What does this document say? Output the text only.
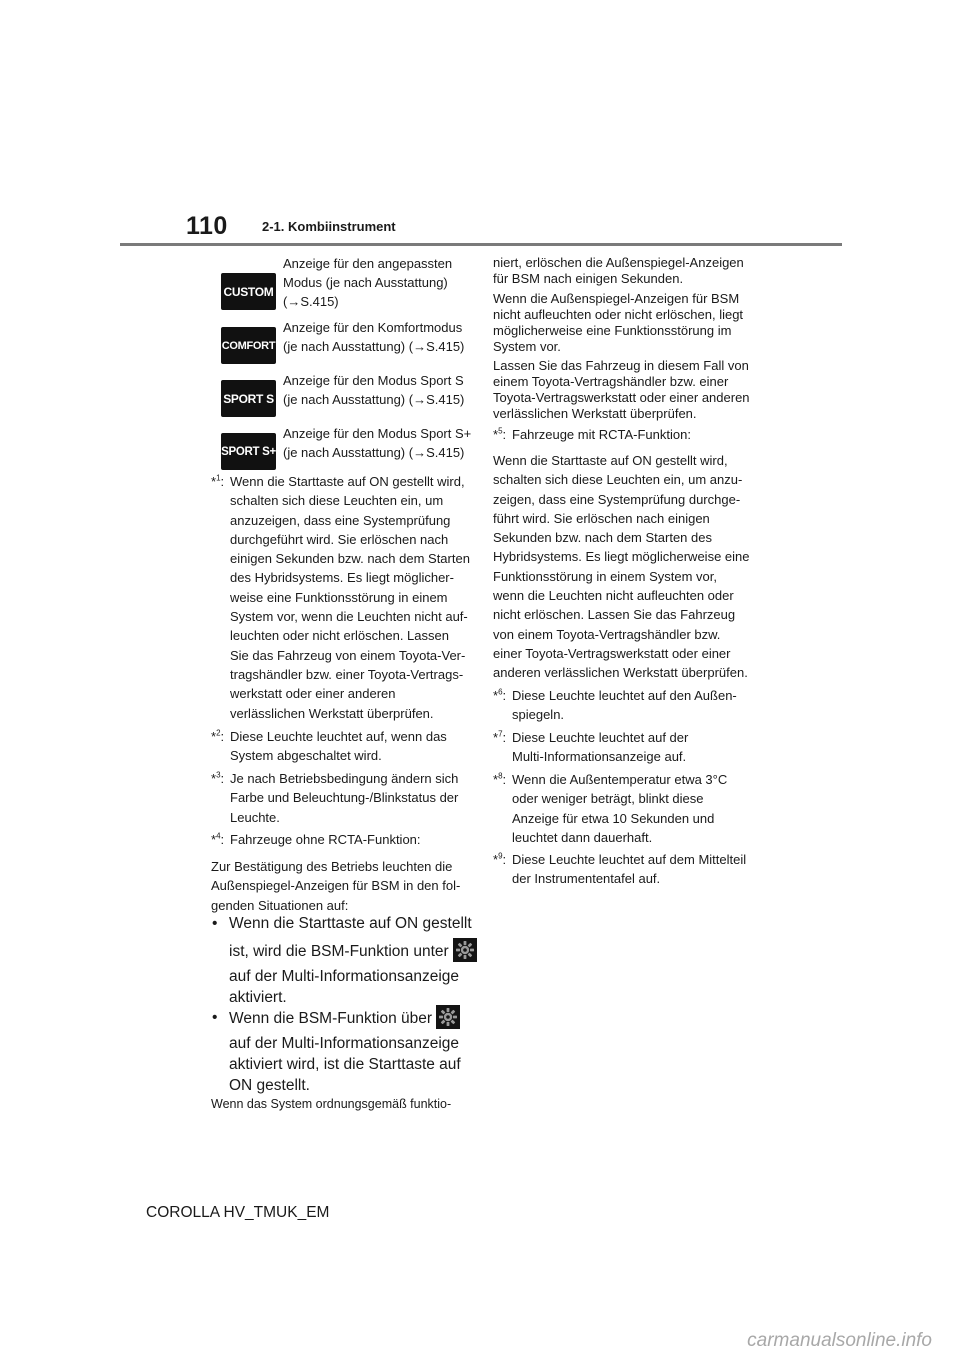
110	2-1. Kombiinstrument
CUSTOM
Anzeige für den angepassten
Modus (je nach Ausstattung)
(→S.415)
COMFORT
Anzeige für den Komfortmodus
(je nach Ausstattung) (→S.415)
SPORT S
Anzeige für den Modus Sport S
(je nach Ausstattung) (→S.415)
SPORT S+
Anzeige für den Modus Sport S+
(je nach Ausstattung) (→S.415)
*$^1$: Wenn die Starttaste auf ON gestellt wird,
schalten sich diese Leuchten ein, um
anzuzeigen, dass eine Systemprüfung
durchgeführt wird. Sie erlöschen nach
einigen Sekunden bzw. nach dem Starten
des Hybridsystems. Es liegt möglicher-
weise eine Funktionsstörung in einem
System vor, wenn die Leuchten nicht auf-
leuchten oder nicht erlöschen. Lassen
Sie das Fahrzeug von einem Toyota-Ver-
tragshändler bzw. einer Toyota-Vertrags-
werkstatt oder einer anderen
verlässlichen Werkstatt überprüfen.
*$^2$: Diese Leuchte leuchtet auf, wenn das
System abgeschaltet wird.
*$^3$: Je nach Betriebsbedingung ändern sich
Farbe und Beleuchtung-/Blinkstatus der
Leuchte.
*$^4$: Fahrzeuge ohne RCTA-Funktion:
Zur Bestätigung des Betriebs leuchten die
Außenspiegel-Anzeigen für BSM in den fol-
genden Situationen auf:
• Wenn die Starttaste auf ON gestellt
ist, wird die BSM-Funktion unter
auf der Multi-Informationsanzeige
aktiviert.
• Wenn die BSM-Funktion über
auf der Multi-Informationsanzeige
aktiviert wird, ist die Starttaste auf
ON gestellt.
Wenn das System ordnungsgemäß funktio-
niert, erlöschen die Außenspiegel-Anzeigen
für BSM nach einigen Sekunden.
Wenn die Außenspiegel-Anzeigen für BSM
nicht aufleuchten oder nicht erlöschen, liegt
möglicherweise eine Funktionsstörung im
System vor.
Lassen Sie das Fahrzeug in diesem Fall von
einem Toyota-Vertragshändler bzw. einer
Toyota-Vertragswerkstatt oder einer anderen
verlässlichen Werkstatt überprüfen.
*$^5$: Fahrzeuge mit RCTA-Funktion:
Wenn die Starttaste auf ON gestellt wird,
schalten sich diese Leuchten ein, um anzu-
zeigen, dass eine Systemprüfung durchge-
führt wird. Sie erlöschen nach einigen
Sekunden bzw. nach dem Starten des
Hybridsystems. Es liegt möglicherweise eine
Funktionsstörung in einem System vor,
wenn die Leuchten nicht aufleuchten oder
nicht erlöschen. Lassen Sie das Fahrzeug
von einem Toyota-Vertragshändler bzw.
einer Toyota-Vertragswerkstatt oder einer
anderen verlässlichen Werkstatt überprüfen.
*$^6$: Diese Leuchte leuchtet auf den Außen-
spiegeln.
*$^7$: Diese Leuchte leuchtet auf der
Multi-Informationsanzeige auf.
*$^8$: Wenn die Außentemperatur etwa 3°C
oder weniger beträgt, blinkt diese
Anzeige für etwa 10 Sekunden und
leuchtet dann dauerhaft.
*$^9$: Diese Leuchte leuchtet auf dem Mittelteil
der Instrumententafel auf.
COROLLA HV_TMUK_EM
carmanualsonline.info
